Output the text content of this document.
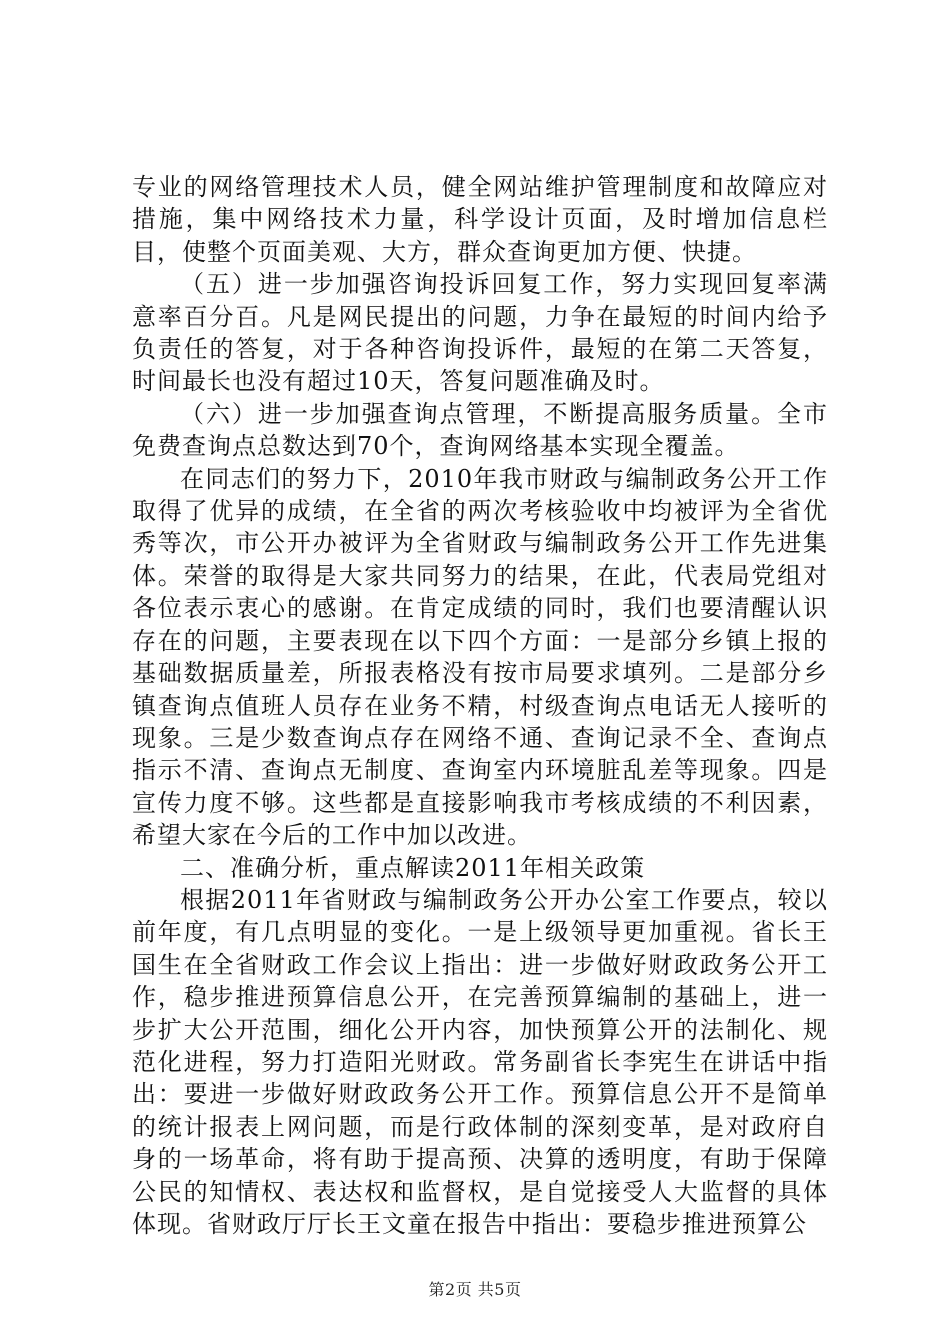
专业的网络管理技术人员，健全网站维护管理制度和故障应对措施，集中网络技术力量，科学设计页面，及时增加信息栏目，使整个页面美观、大方，群众查询更加方便、快捷。

（五）进一步加强咨询投诉回复工作，努力实现回复率满意率百分百。凡是网民提出的问题，力争在最短的时间内给予负责任的答复，对于各种咨询投诉件，最短的在第二天答复，时间最长也没有超过10天，答复问题准确及时。

（六）进一步加强查询点管理，不断提高服务质量。全市免费查询点总数达到70个，查询网络基本实现全覆盖。

在同志们的努力下，2010年我市财政与编制政务公开工作取得了优异的成绩，在全省的两次考核验收中均被评为全省优秀等次，市公开办被评为全省财政与编制政务公开工作先进集体。荣誉的取得是大家共同努力的结果，在此，代表局党组对各位表示衷心的感谢。在肯定成绩的同时，我们也要清醒认识存在的问题，主要表现在以下四个方面：一是部分乡镇上报的基础数据质量差，所报表格没有按市局要求填列。二是部分乡镇查询点值班人员存在业务不精，村级查询点电话无人接听的现象。三是少数查询点存在网络不通、查询记录不全、查询点指示不清、查询点无制度、查询室内环境脏乱差等现象。四是宣传力度不够。这些都是直接影响我市考核成绩的不利因素，希望大家在今后的工作中加以改进。

二、准确分析，重点解读2011年相关政策

根据2011年省财政与编制政务公开办公室工作要点，较以前年度，有几点明显的变化。一是上级领导更加重视。省长王国生在全省财政工作会议上指出：进一步做好财政政务公开工作，稳步推进预算信息公开，在完善预算编制的基础上，进一步扩大公开范围，细化公开内容，加快预算公开的法制化、规范化进程，努力打造阳光财政。常务副省长李宪生在讲话中指出：要进一步做好财政政务公开工作。预算信息公开不是简单的统计报表上网问题，而是行政体制的深刻变革，是对政府自身的一场革命，将有助于提高预、决算的透明度，有助于保障公民的知情权、表达权和监督权，是自觉接受人大监督的具体体现。省财政厅厅长王文童在报告中指出：要稳步推进预算公

第2页 共5页
